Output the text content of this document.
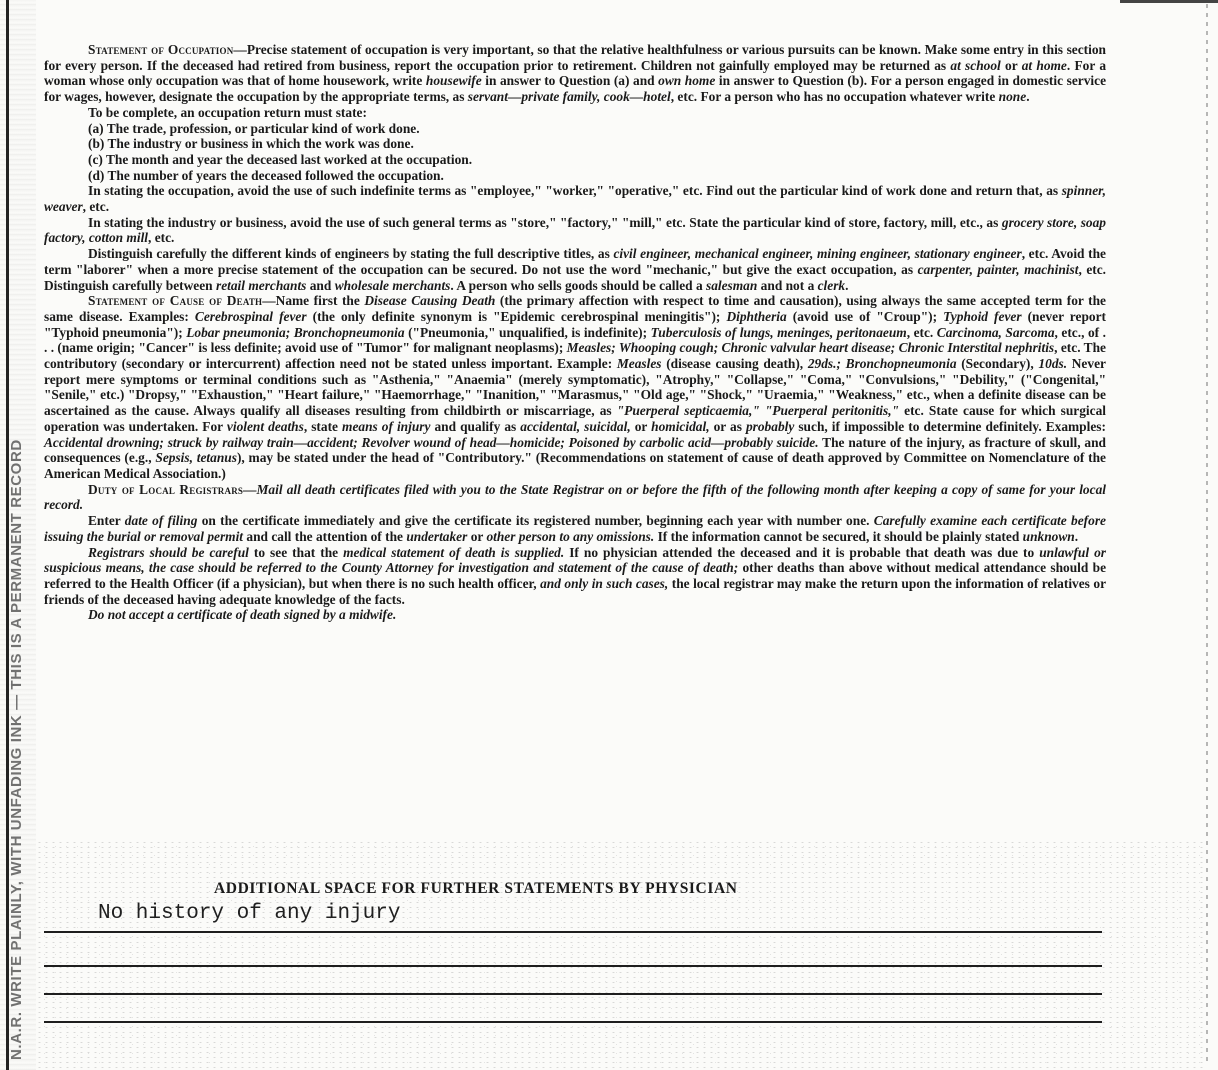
N.A.R. WRITE PLAINLY, WITH UNFADING INK — THIS IS A PERMANENT RECORD

Statement of Occupation—Precise statement of occupation is very important, so that the relative healthfulness or various pursuits can be known. Make some entry in this section for every person. If the deceased had retired from business, report the occupation prior to retirement. Children not gainfully employed may be returned as at school or at home. For a woman whose only occupation was that of home housework, write housewife in answer to Question (a) and own home in answer to Question (b). For a person engaged in domestic service for wages, however, designate the occupation by the appropriate terms, as servant—private family, cook—hotel, etc. For a person who has no occupation whatever write none.

To be complete, an occupation return must state:

(a) The trade, profession, or particular kind of work done.
(b) The industry or business in which the work was done.
(c) The month and year the deceased last worked at the occupation.
(d) The number of years the deceased followed the occupation.

In stating the occupation, avoid the use of such indefinite terms as "employee," "worker," "operative," etc. Find out the particular kind of work done and return that, as spinner, weaver, etc.

In stating the industry or business, avoid the use of such general terms as "store," "factory," "mill," etc. State the particular kind of store, factory, mill, etc., as grocery store, soap factory, cotton mill, etc.

Distinguish carefully the different kinds of engineers by stating the full descriptive titles, as civil engineer, mechanical engineer, mining engineer, stationary engineer, etc. Avoid the term "laborer" when a more precise statement of the occupation can be secured. Do not use the word "mechanic," but give the exact occupation, as carpenter, painter, machinist, etc. Distinguish carefully between retail merchants and wholesale merchants. A person who sells goods should be called a salesman and not a clerk.

Statement of Cause of Death—Name first the Disease Causing Death (the primary affection with respect to time and causation), using always the same accepted term for the same disease. Examples: Cerebrospinal fever (the only definite synonym is "Epidemic cerebrospinal meningitis"); Diphtheria (avoid use of "Croup"); Typhoid fever (never report "Typhoid pneumonia"); Lobar pneumonia; Bronchopneumonia ("Pneumonia," unqualified, is indefinite); Tuberculosis of lungs, meninges, peritonaeum, etc. Carcinoma, Sarcoma, etc., of . . . (name origin; "Cancer" is less definite; avoid use of "Tumor" for malignant neoplasms); Measles; Whooping cough; Chronic valvular heart disease; Chronic Interstital nephritis, etc. The contributory (secondary or intercurrent) affection need not be stated unless important. Example: Measles (disease causing death), 29ds.; Bronchopneumonia (Secondary), 10ds. Never report mere symptoms or terminal conditions such as "Asthenia," "Anaemia" (merely symptomatic), "Atrophy," "Collapse," "Coma," "Convulsions," "Debility," ("Congenital," "Senile," etc.) "Dropsy," "Exhaustion," "Heart failure," "Haemorrhage," "Inanition," "Marasmus," "Old age," "Shock," "Uraemia," "Weakness," etc., when a definite disease can be ascertained as the cause. Always qualify all diseases resulting from childbirth or miscarriage, as "Puerperal septicaemia," "Puerperal peritonitis," etc. State cause for which surgical operation was undertaken. For violent deaths, state means of injury and qualify as accidental, suicidal, or homicidal, or as probably such, if impossible to determine definitely. Examples: Accidental drowning; struck by railway train—accident; Revolver wound of head—homicide; Poisoned by carbolic acid—probably suicide. The nature of the injury, as fracture of skull, and consequences (e.g., Sepsis, tetanus), may be stated under the head of "Contributory." (Recommendations on statement of cause of death approved by Committee on Nomenclature of the American Medical Association.)

Duty of Local Registrars—Mail all death certificates filed with you to the State Registrar on or before the fifth of the following month after keeping a copy of same for your local record.

Enter date of filing on the certificate immediately and give the certificate its registered number, beginning each year with number one. Carefully examine each certificate before issuing the burial or removal permit and call the attention of the undertaker or other person to any omissions. If the information cannot be secured, it should be plainly stated unknown.

Registrars should be careful to see that the medical statement of death is supplied. If no physician attended the deceased and it is probable that death was due to unlawful or suspicious means, the case should be referred to the County Attorney for investigation and statement of the cause of death; other deaths than above without medical attendance should be referred to the Health Officer (if a physician), but when there is no such health officer, and only in such cases, the local registrar may make the return upon the information of relatives or friends of the deceased having adequate knowledge of the facts.

Do not accept a certificate of death signed by a midwife.

ADDITIONAL SPACE FOR FURTHER STATEMENTS BY PHYSICIAN
No history of any injury
